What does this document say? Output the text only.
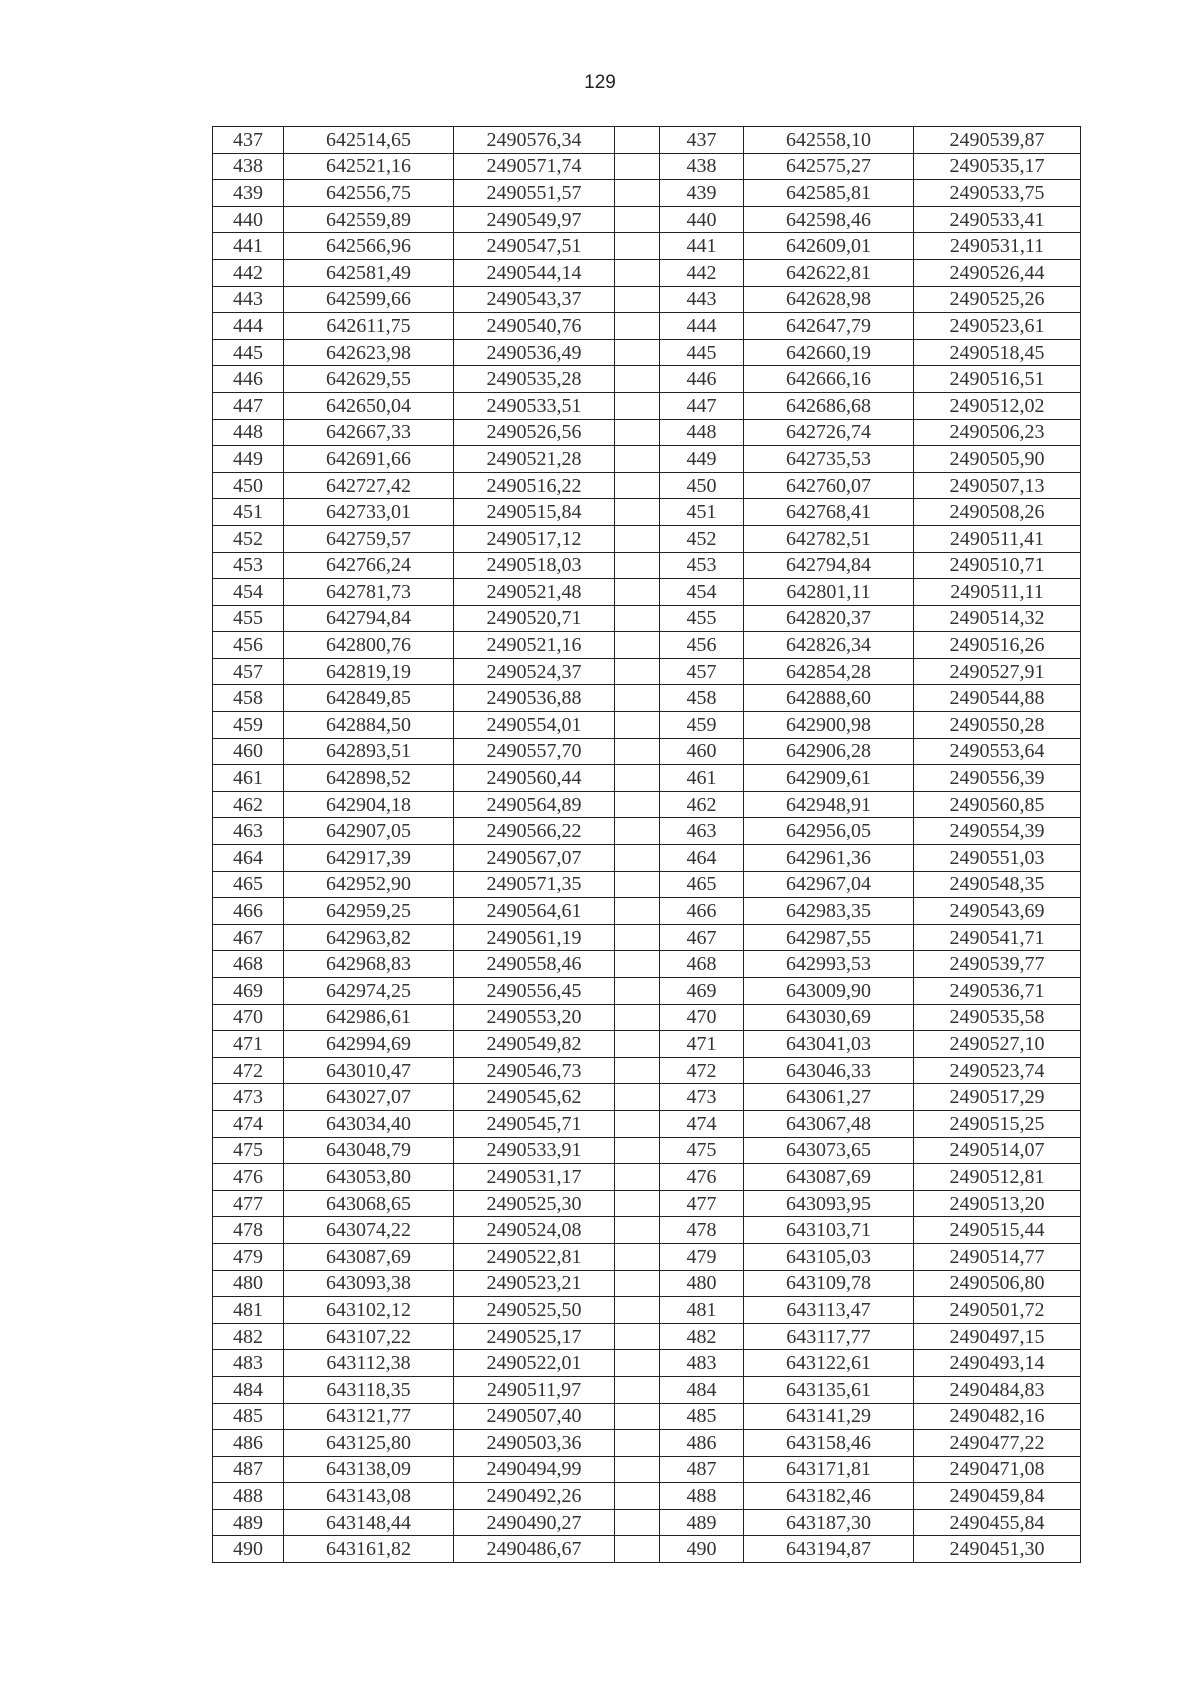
129
437	642514,65	2490576,34		437	642558,10	2490539,87
438	642521,16	2490571,74		438	642575,27	2490535,17
439	642556,75	2490551,57		439	642585,81	2490533,75
440	642559,89	2490549,97		440	642598,46	2490533,41
441	642566,96	2490547,51		441	642609,01	2490531,11
442	642581,49	2490544,14		442	642622,81	2490526,44
443	642599,66	2490543,37		443	642628,98	2490525,26
444	642611,75	2490540,76		444	642647,79	2490523,61
445	642623,98	2490536,49		445	642660,19	2490518,45
446	642629,55	2490535,28		446	642666,16	2490516,51
447	642650,04	2490533,51		447	642686,68	2490512,02
448	642667,33	2490526,56		448	642726,74	2490506,23
449	642691,66	2490521,28		449	642735,53	2490505,90
450	642727,42	2490516,22		450	642760,07	2490507,13
451	642733,01	2490515,84		451	642768,41	2490508,26
452	642759,57	2490517,12		452	642782,51	2490511,41
453	642766,24	2490518,03		453	642794,84	2490510,71
454	642781,73	2490521,48		454	642801,11	2490511,11
455	642794,84	2490520,71		455	642820,37	2490514,32
456	642800,76	2490521,16		456	642826,34	2490516,26
457	642819,19	2490524,37		457	642854,28	2490527,91
458	642849,85	2490536,88		458	642888,60	2490544,88
459	642884,50	2490554,01		459	642900,98	2490550,28
460	642893,51	2490557,70		460	642906,28	2490553,64
461	642898,52	2490560,44		461	642909,61	2490556,39
462	642904,18	2490564,89		462	642948,91	2490560,85
463	642907,05	2490566,22		463	642956,05	2490554,39
464	642917,39	2490567,07		464	642961,36	2490551,03
465	642952,90	2490571,35		465	642967,04	2490548,35
466	642959,25	2490564,61		466	642983,35	2490543,69
467	642963,82	2490561,19		467	642987,55	2490541,71
468	642968,83	2490558,46		468	642993,53	2490539,77
469	642974,25	2490556,45		469	643009,90	2490536,71
470	642986,61	2490553,20		470	643030,69	2490535,58
471	642994,69	2490549,82		471	643041,03	2490527,10
472	643010,47	2490546,73		472	643046,33	2490523,74
473	643027,07	2490545,62		473	643061,27	2490517,29
474	643034,40	2490545,71		474	643067,48	2490515,25
475	643048,79	2490533,91		475	643073,65	2490514,07
476	643053,80	2490531,17		476	643087,69	2490512,81
477	643068,65	2490525,30		477	643093,95	2490513,20
478	643074,22	2490524,08		478	643103,71	2490515,44
479	643087,69	2490522,81		479	643105,03	2490514,77
480	643093,38	2490523,21		480	643109,78	2490506,80
481	643102,12	2490525,50		481	643113,47	2490501,72
482	643107,22	2490525,17		482	643117,77	2490497,15
483	643112,38	2490522,01		483	643122,61	2490493,14
484	643118,35	2490511,97		484	643135,61	2490484,83
485	643121,77	2490507,40		485	643141,29	2490482,16
486	643125,80	2490503,36		486	643158,46	2490477,22
487	643138,09	2490494,99		487	643171,81	2490471,08
488	643143,08	2490492,26		488	643182,46	2490459,84
489	643148,44	2490490,27		489	643187,30	2490455,84
490	643161,82	2490486,67		490	643194,87	2490451,30
